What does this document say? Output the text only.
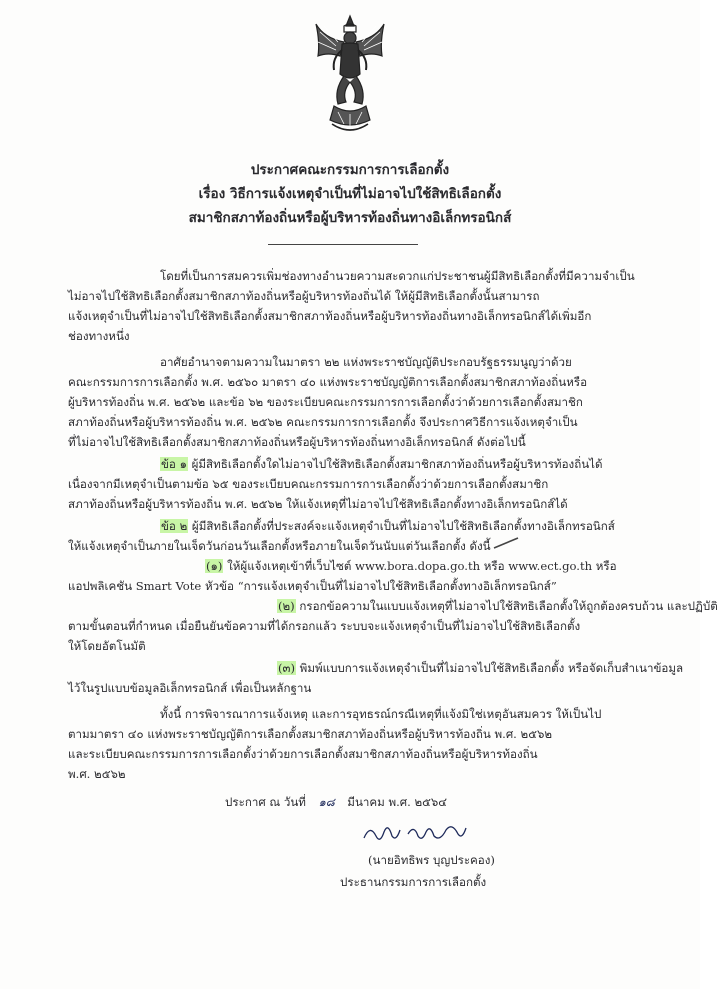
ประกาศคณะกรรมการการเลือกตั้ง
เรื่อง วิธีการแจ้งเหตุจำเป็นที่ไม่อาจไปใช้สิทธิเลือกตั้ง
สมาชิกสภาท้องถิ่นหรือผู้บริหารท้องถิ่นทางอิเล็กทรอนิกส์
โดยที่เป็นการสมควรเพิ่มช่องทางอำนวยความสะดวกแก่ประชาชนผู้มีสิทธิเลือกตั้งที่มีความจำเป็น
ไม่อาจไปใช้สิทธิเลือกตั้งสมาชิกสภาท้องถิ่นหรือผู้บริหารท้องถิ่นได้ ให้ผู้มีสิทธิเลือกตั้งนั้นสามารถ
แจ้งเหตุจำเป็นที่ไม่อาจไปใช้สิทธิเลือกตั้งสมาชิกสภาท้องถิ่นหรือผู้บริหารท้องถิ่นทางอิเล็กทรอนิกส์ได้เพิ่มอีก
ช่องทางหนึ่ง
อาศัยอำนาจตามความในมาตรา ๒๒ แห่งพระราชบัญญัติประกอบรัฐธรรมนูญว่าด้วย
คณะกรรมการการเลือกตั้ง พ.ศ. ๒๕๖๐ มาตรา ๔๐ แห่งพระราชบัญญัติการเลือกตั้งสมาชิกสภาท้องถิ่นหรือ
ผู้บริหารท้องถิ่น พ.ศ. ๒๕๖๒ และข้อ ๖๒ ของระเบียบคณะกรรมการการเลือกตั้งว่าด้วยการเลือกตั้งสมาชิก
สภาท้องถิ่นหรือผู้บริหารท้องถิ่น พ.ศ. ๒๕๖๒ คณะกรรมการการเลือกตั้ง จึงประกาศวิธีการแจ้งเหตุจำเป็น
ที่ไม่อาจไปใช้สิทธิเลือกตั้งสมาชิกสภาท้องถิ่นหรือผู้บริหารท้องถิ่นทางอิเล็กทรอนิกส์ ดังต่อไปนี้
ข้อ ๑ ผู้มีสิทธิเลือกตั้งใดไม่อาจไปใช้สิทธิเลือกตั้งสมาชิกสภาท้องถิ่นหรือผู้บริหารท้องถิ่นได้
เนื่องจากมีเหตุจำเป็นตามข้อ ๖๕ ของระเบียบคณะกรรมการการเลือกตั้งว่าด้วยการเลือกตั้งสมาชิก
สภาท้องถิ่นหรือผู้บริหารท้องถิ่น พ.ศ. ๒๕๖๒ ให้แจ้งเหตุที่ไม่อาจไปใช้สิทธิเลือกตั้งทางอิเล็กทรอนิกส์ได้
ข้อ ๒ ผู้มีสิทธิเลือกตั้งที่ประสงค์จะแจ้งเหตุจำเป็นที่ไม่อาจไปใช้สิทธิเลือกตั้งทางอิเล็กทรอนิกส์
ให้แจ้งเหตุจำเป็นภายในเจ็ดวันก่อนวันเลือกตั้งหรือภายในเจ็ดวันนับแต่วันเลือกตั้ง ดังนี้
(๑) ให้ผู้แจ้งเหตุเข้าที่เว็บไซต์ www.bora.dopa.go.th หรือ www.ect.go.th หรือ
แอปพลิเคชัน Smart Vote หัวข้อ “การแจ้งเหตุจำเป็นที่ไม่อาจไปใช้สิทธิเลือกตั้งทางอิเล็กทรอนิกส์”
(๒) กรอกข้อความในแบบแจ้งเหตุที่ไม่อาจไปใช้สิทธิเลือกตั้งให้ถูกต้องครบถ้วน และปฏิบัติ
ตามขั้นตอนที่กำหนด เมื่อยืนยันข้อความที่ได้กรอกแล้ว ระบบจะแจ้งเหตุจำเป็นที่ไม่อาจไปใช้สิทธิเลือกตั้ง
ให้โดยอัตโนมัติ
(๓) พิมพ์แบบการแจ้งเหตุจำเป็นที่ไม่อาจไปใช้สิทธิเลือกตั้ง หรือจัดเก็บสำเนาข้อมูล
ไว้ในรูปแบบข้อมูลอิเล็กทรอนิกส์ เพื่อเป็นหลักฐาน
ทั้งนี้ การพิจารณาการแจ้งเหตุ และการอุทธรณ์กรณีเหตุที่แจ้งมิใช่เหตุอันสมควร ให้เป็นไป
ตามมาตรา ๔๐ แห่งพระราชบัญญัติการเลือกตั้งสมาชิกสภาท้องถิ่นหรือผู้บริหารท้องถิ่น พ.ศ. ๒๕๖๒
และระเบียบคณะกรรมการการเลือกตั้งว่าด้วยการเลือกตั้งสมาชิกสภาท้องถิ่นหรือผู้บริหารท้องถิ่น
พ.ศ. ๒๕๖๒
ประกาศ ณ วันที่ ๑๘ มีนาคม พ.ศ. ๒๕๖๔
(นายอิทธิพร บุญประคอง)
ประธานกรรมการการเลือกตั้ง
